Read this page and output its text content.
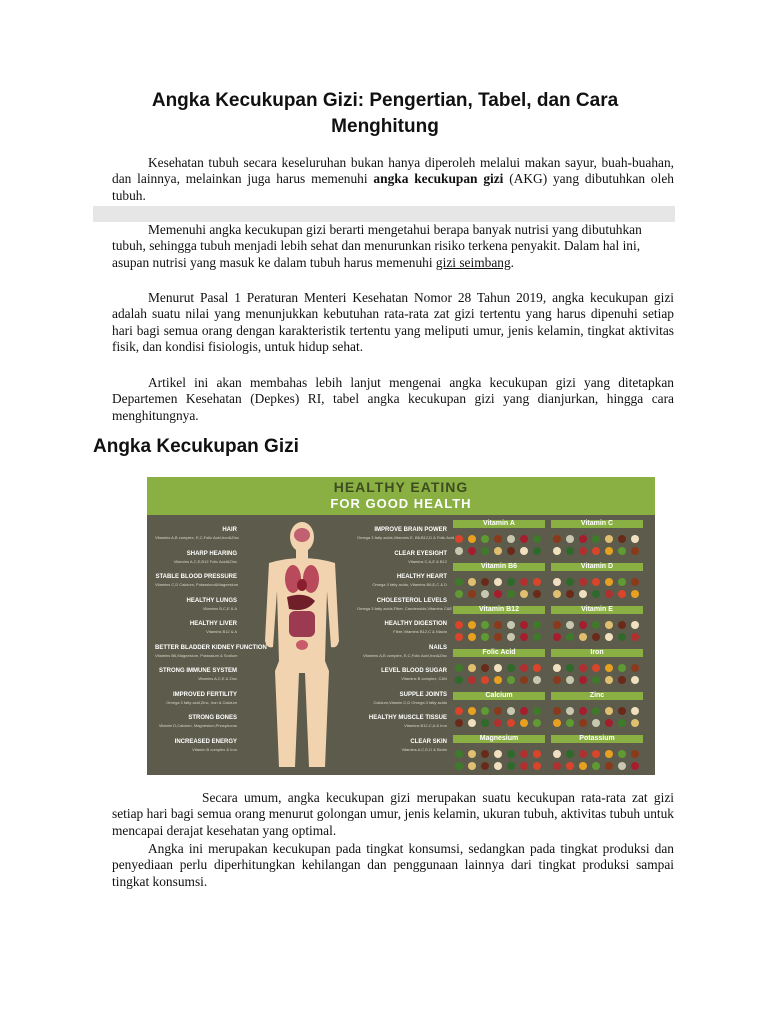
Angka Kecukupan Gizi: Pengertian, Tabel, dan Cara
Menghitung
Kesehatan tubuh secara keseluruhan bukan hanya diperoleh melalui makan sayur, buah-buahan, dan lainnya, melainkan juga harus memenuhi angka kecukupan gizi (AKG) yang dibutuhkan oleh tubuh.
Memenuhi angka kecukupan gizi berarti mengetahui berapa banyak nutrisi yang dibutuhkan tubuh, sehingga tubuh menjadi lebih sehat dan menurunkan risiko terkena penyakit. Dalam hal ini, asupan nutrisi yang masuk ke dalam tubuh harus memenuhi gizi seimbang.
Menurut Pasal 1 Peraturan Menteri Kesehatan Nomor 28 Tahun 2019, angka kecukupan gizi adalah suatu nilai yang menunjukkan kebutuhan rata-rata zat gizi tertentu yang harus dipenuhi setiap hari bagi semua orang dengan karakteristik tertentu yang meliputi umur, jenis kelamin, tingkat aktivitas fisik, dan kondisi fisiologis, untuk hidup sehat.
Artikel ini akan membahas lebih lanjut mengenai angka kecukupan gizi yang ditetapkan Departemen Kesehatan (Depkes) RI, tabel angka kecukupan gizi yang dianjurkan, hingga cara menghitungnya.
Angka Kecukupan Gizi
HEALTHY EATING
FOR GOOD HEALTH
HAIR
Vitamins A,B complex, E,C,Folic Acid,Iron&Zinc
SHARP HEARING
Vitamins A,C,E,B12 Folic Acid&Zinc
STABLE BLOOD PRESSURE
Vitamins C,D Calcium, Potassium&Magnesium
HEALTHY LUNGS
Vitamins B,C,E & A
HEALTHY LIVER
Vitamins B12 & A
BETTER BLADDER KIDNEY FUNCTION
Vitamins B6,Magnesium, Potassium & Sodium
STRONG IMMUNE SYSTEM
Vitamins A,C,E & Zinc
IMPROVED FERTILITY
Omega 3 fatty acid,Zinc, Iron & Calcium
STRONG BONES
Vitamin D,Calcium, Magnesium,Phosphorus
INCREASED ENERGY
Vitamin B complex & Iron
IMPROVE BRAIN POWER
Omega 3 fatty acids,Vitamins E, B6,B12,D & Folic Acid
CLEAR EYESIGHT
Vitamins C,A,E & B12
HEALTHY HEART
Omega 3 fatty acids, Vitamins B6,E,C & D
CHOLESTEROL LEVELS
Omega 3 fatty acids,Fiber, Carotenoids,Vitamins C&E
HEALTHY DIGESTION
Fibre,Vitamins B12,C & Niacin
NAILS
Vitamins A,B complex, E,C,Folic Acid,Iron&Zinc
LEVEL BLOOD SUGAR
Vitamins B complex, C&N
SUPPLE JOINTS
Calcium,Vitamin C,D Omega 3 fatty acids
HEALTHY MUSCLE TISSUE
Vitamins B12,C,A & Iron
CLEAR SKIN
Vitamins A,C,E,D & Biotin
Vitamin A	Vitamin C
Vitamin B6	Vitamin D
Vitamin B12	Vitamin E
Folic Acid	Iron
Calcium	Zinc
Magnesium	Potassium
Secara umum, angka kecukupan gizi merupakan suatu kecukupan rata-rata zat gizi setiap hari bagi semua orang menurut golongan umur, jenis kelamin, ukuran tubuh, aktivitas tubuh untuk mencapai derajat kesehatan yang optimal.
Angka ini merupakan kecukupan pada tingkat konsumsi, sedangkan pada tingkat produksi dan penyediaan perlu diperhitungkan kehilangan dan penggunaan lainnya dari tingkat produksi sampai tingkat konsumsi.
